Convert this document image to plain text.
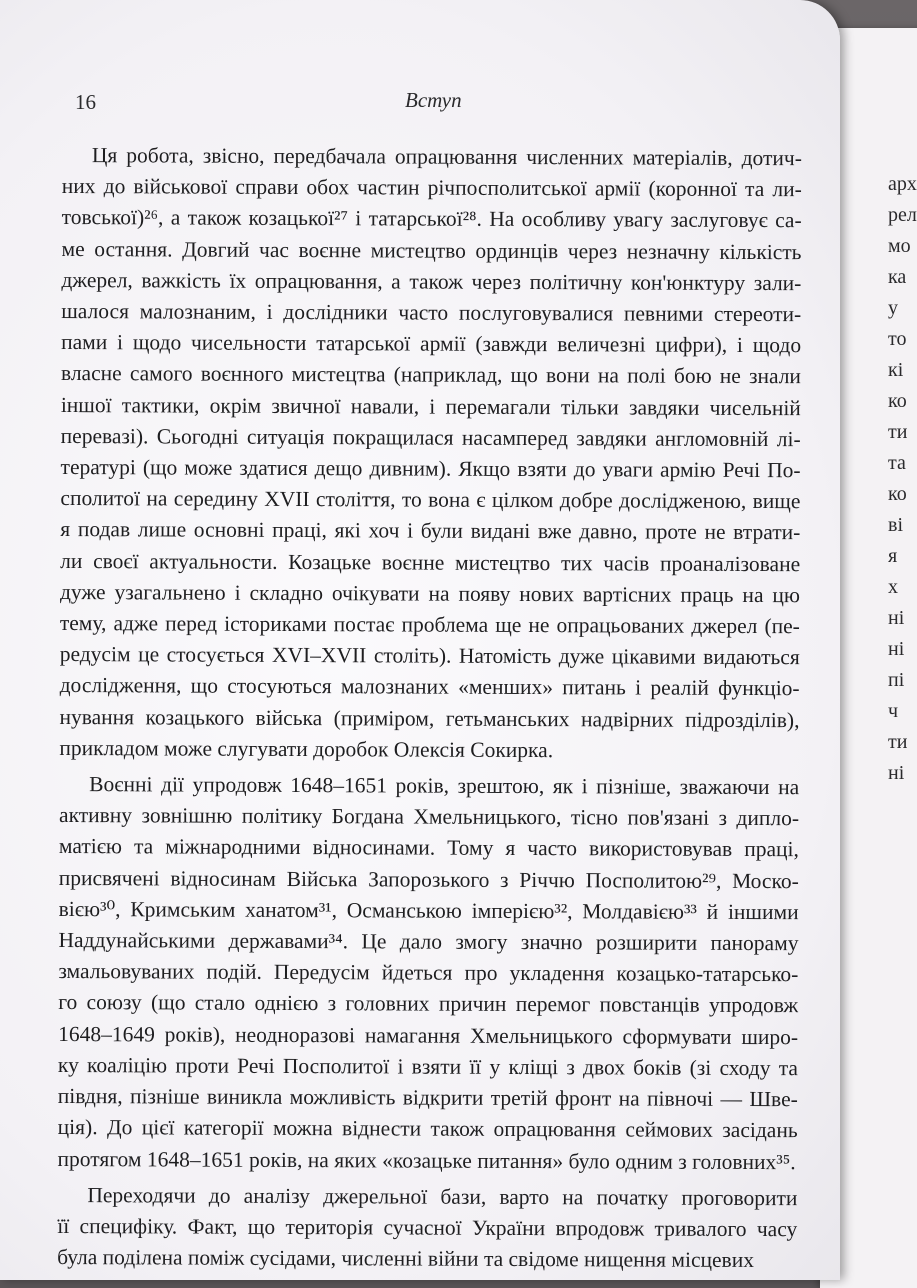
арх
рел
мо
ка
у
то
кі
ко
ти
та
ко
ві
я
х
ні
ні
пі
ч
ти
ні
16	Вступ

Ця робота, звісно, передбачала опрацювання численних матеріалів, дотич-
них до військової справи обох частин річпосполитської армії (коронної та ли-
товської)²⁶, а також козацької²⁷ і татарської²⁸. На особливу увагу заслуговує са-
ме остання. Довгий час воєнне мистецтво ординців через незначну кількість
джерел, важкість їх опрацювання, а також через політичну кон'юнктуру зали-
шалося малознаним, і дослідники часто послуговувалися певними стереоти-
пами і щодо чисельности татарської армії (завжди величезні цифри), і щодо
власне самого воєнного мистецтва (наприклад, що вони на полі бою не знали
іншої тактики, окрім звичної навали, і перемагали тільки завдяки чисельній
перевазі). Сьогодні ситуація покращилася насамперед завдяки англомовній лі-
тературі (що може здатися дещо дивним). Якщо взяти до уваги армію Речі По-
сполитої на середину XVII століття, то вона є цілком добре дослідженою, вище
я подав лише основні праці, які хоч і були видані вже давно, проте не втрати-
ли своєї актуальности. Козацьке воєнне мистецтво тих часів проаналізоване
дуже узагальнено і складно очікувати на появу нових вартісних праць на цю
тему, адже перед істориками постає проблема ще не опрацьованих джерел (пе-
редусім це стосується XVI–XVII століть). Натомість дуже цікавими видаються
дослідження, що стосуються малознаних «менших» питань і реалій функціо-
нування козацького війська (приміром, гетьманських надвірних підрозділів),
прикладом може слугувати доробок Олексія Сокирка.

Воєнні дії упродовж 1648–1651 років, зрештою, як і пізніше, зважаючи на
активну зовнішню політику Богдана Хмельницького, тісно пов'язані з дипло-
матією та міжнародними відносинами. Тому я часто використовував праці,
присвячені відносинам Війська Запорозького з Річчю Посполитою²⁹, Моско-
вією³⁰, Кримським ханатом³¹, Османською імперією³², Молдавією³³ й іншими
Наддунайськими державами³⁴. Це дало змогу значно розширити панораму
змальовуваних подій. Передусім йдеться про укладення козацько-татарсько-
го союзу (що стало однією з головних причин перемог повстанців упродовж
1648–1649 років), неодноразові намагання Хмельницького сформувати широ-
ку коаліцію проти Речі Посполитої і взяти її у кліщі з двох боків (зі сходу та
півдня, пізніше виникла можливість відкрити третій фронт на півночі — Шве-
ція). До цієї категорії можна віднести також опрацювання сеймових засідань
протягом 1648–1651 років, на яких «козацьке питання» було одним з головних³⁵.

Переходячи до аналізу джерельної бази, варто на початку проговорити
її специфіку. Факт, що територія сучасної України впродовж тривалого часу
була поділена поміж сусідами, численні війни та свідоме нищення місцевих
